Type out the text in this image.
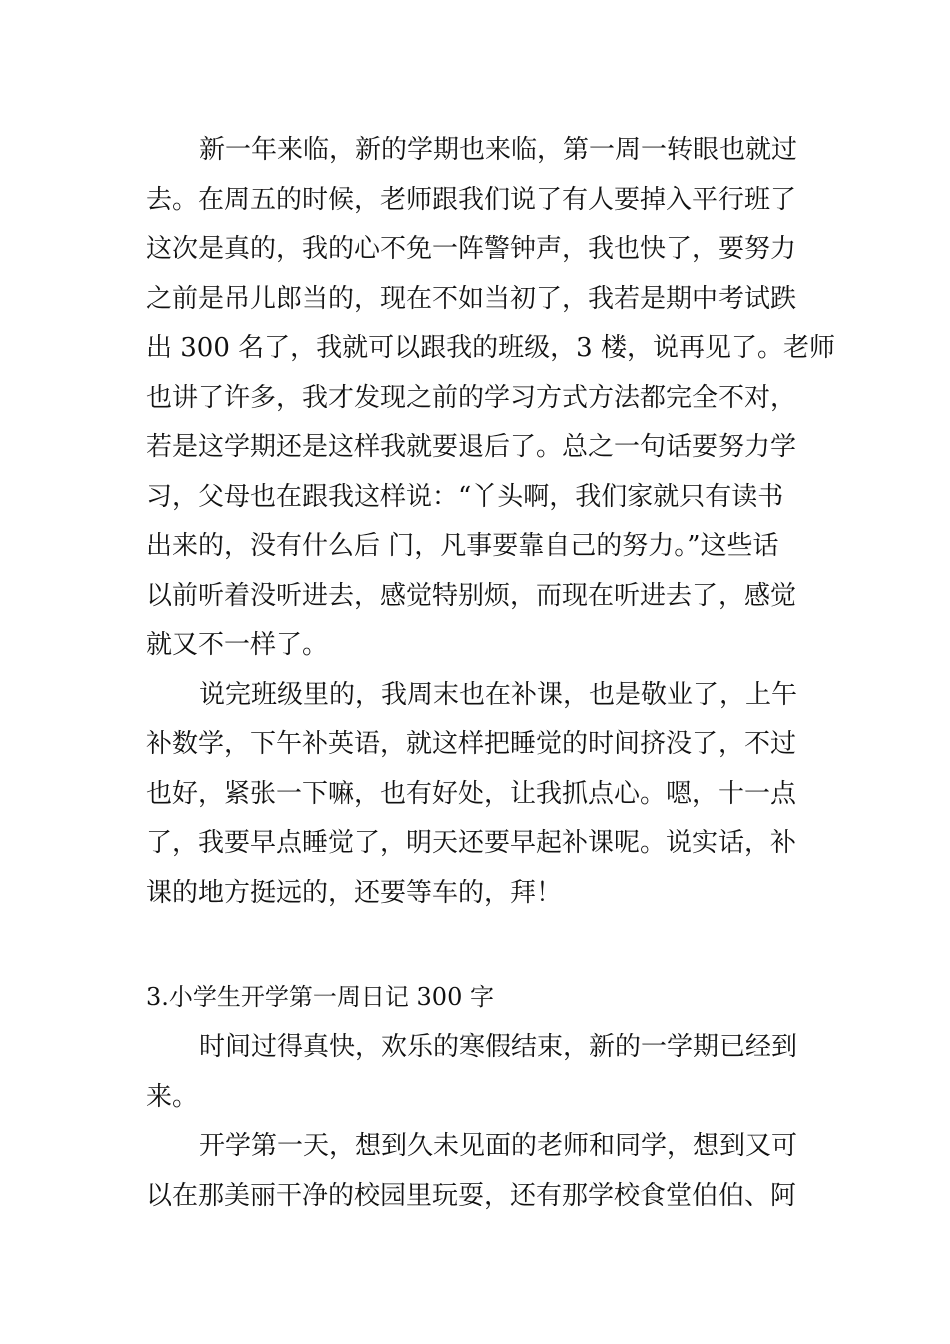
新一年来临，新的学期也来临，第一周一转眼也就过
去。在周五的时候，老师跟我们说了有人要掉入平行班了
这次是真的，我的心不免一阵警钟声，我也快了，要努力
之前是吊儿郎当的，现在不如当初了，我若是期中考试跌
出 300 名了，我就可以跟我的班级，3 楼，说再见了。老师
也讲了许多，我才发现之前的学习方式方法都完全不对，
若是这学期还是这样我就要退后了。总之一句话要努力学
习，父母也在跟我这样说：“丫头啊，我们家就只有读书
出来的，没有什么后 门，凡事要靠自己的努力。”这些话
以前听着没听进去，感觉特别烦，而现在听进去了，感觉
就又不一样了。
说完班级里的，我周末也在补课，也是敬业了，上午
补数学，下午补英语，就这样把睡觉的时间挤没了，不过
也好，紧张一下嘛，也有好处，让我抓点心。嗯，十一点
了，我要早点睡觉了，明天还要早起补课呢。说实话，补
课的地方挺远的，还要等车的，拜！
3.小学生开学第一周日记 300 字
时间过得真快，欢乐的寒假结束，新的一学期已经到
来。
开学第一天，想到久未见面的老师和同学，想到又可
以在那美丽干净的校园里玩耍，还有那学校食堂伯伯、阿
